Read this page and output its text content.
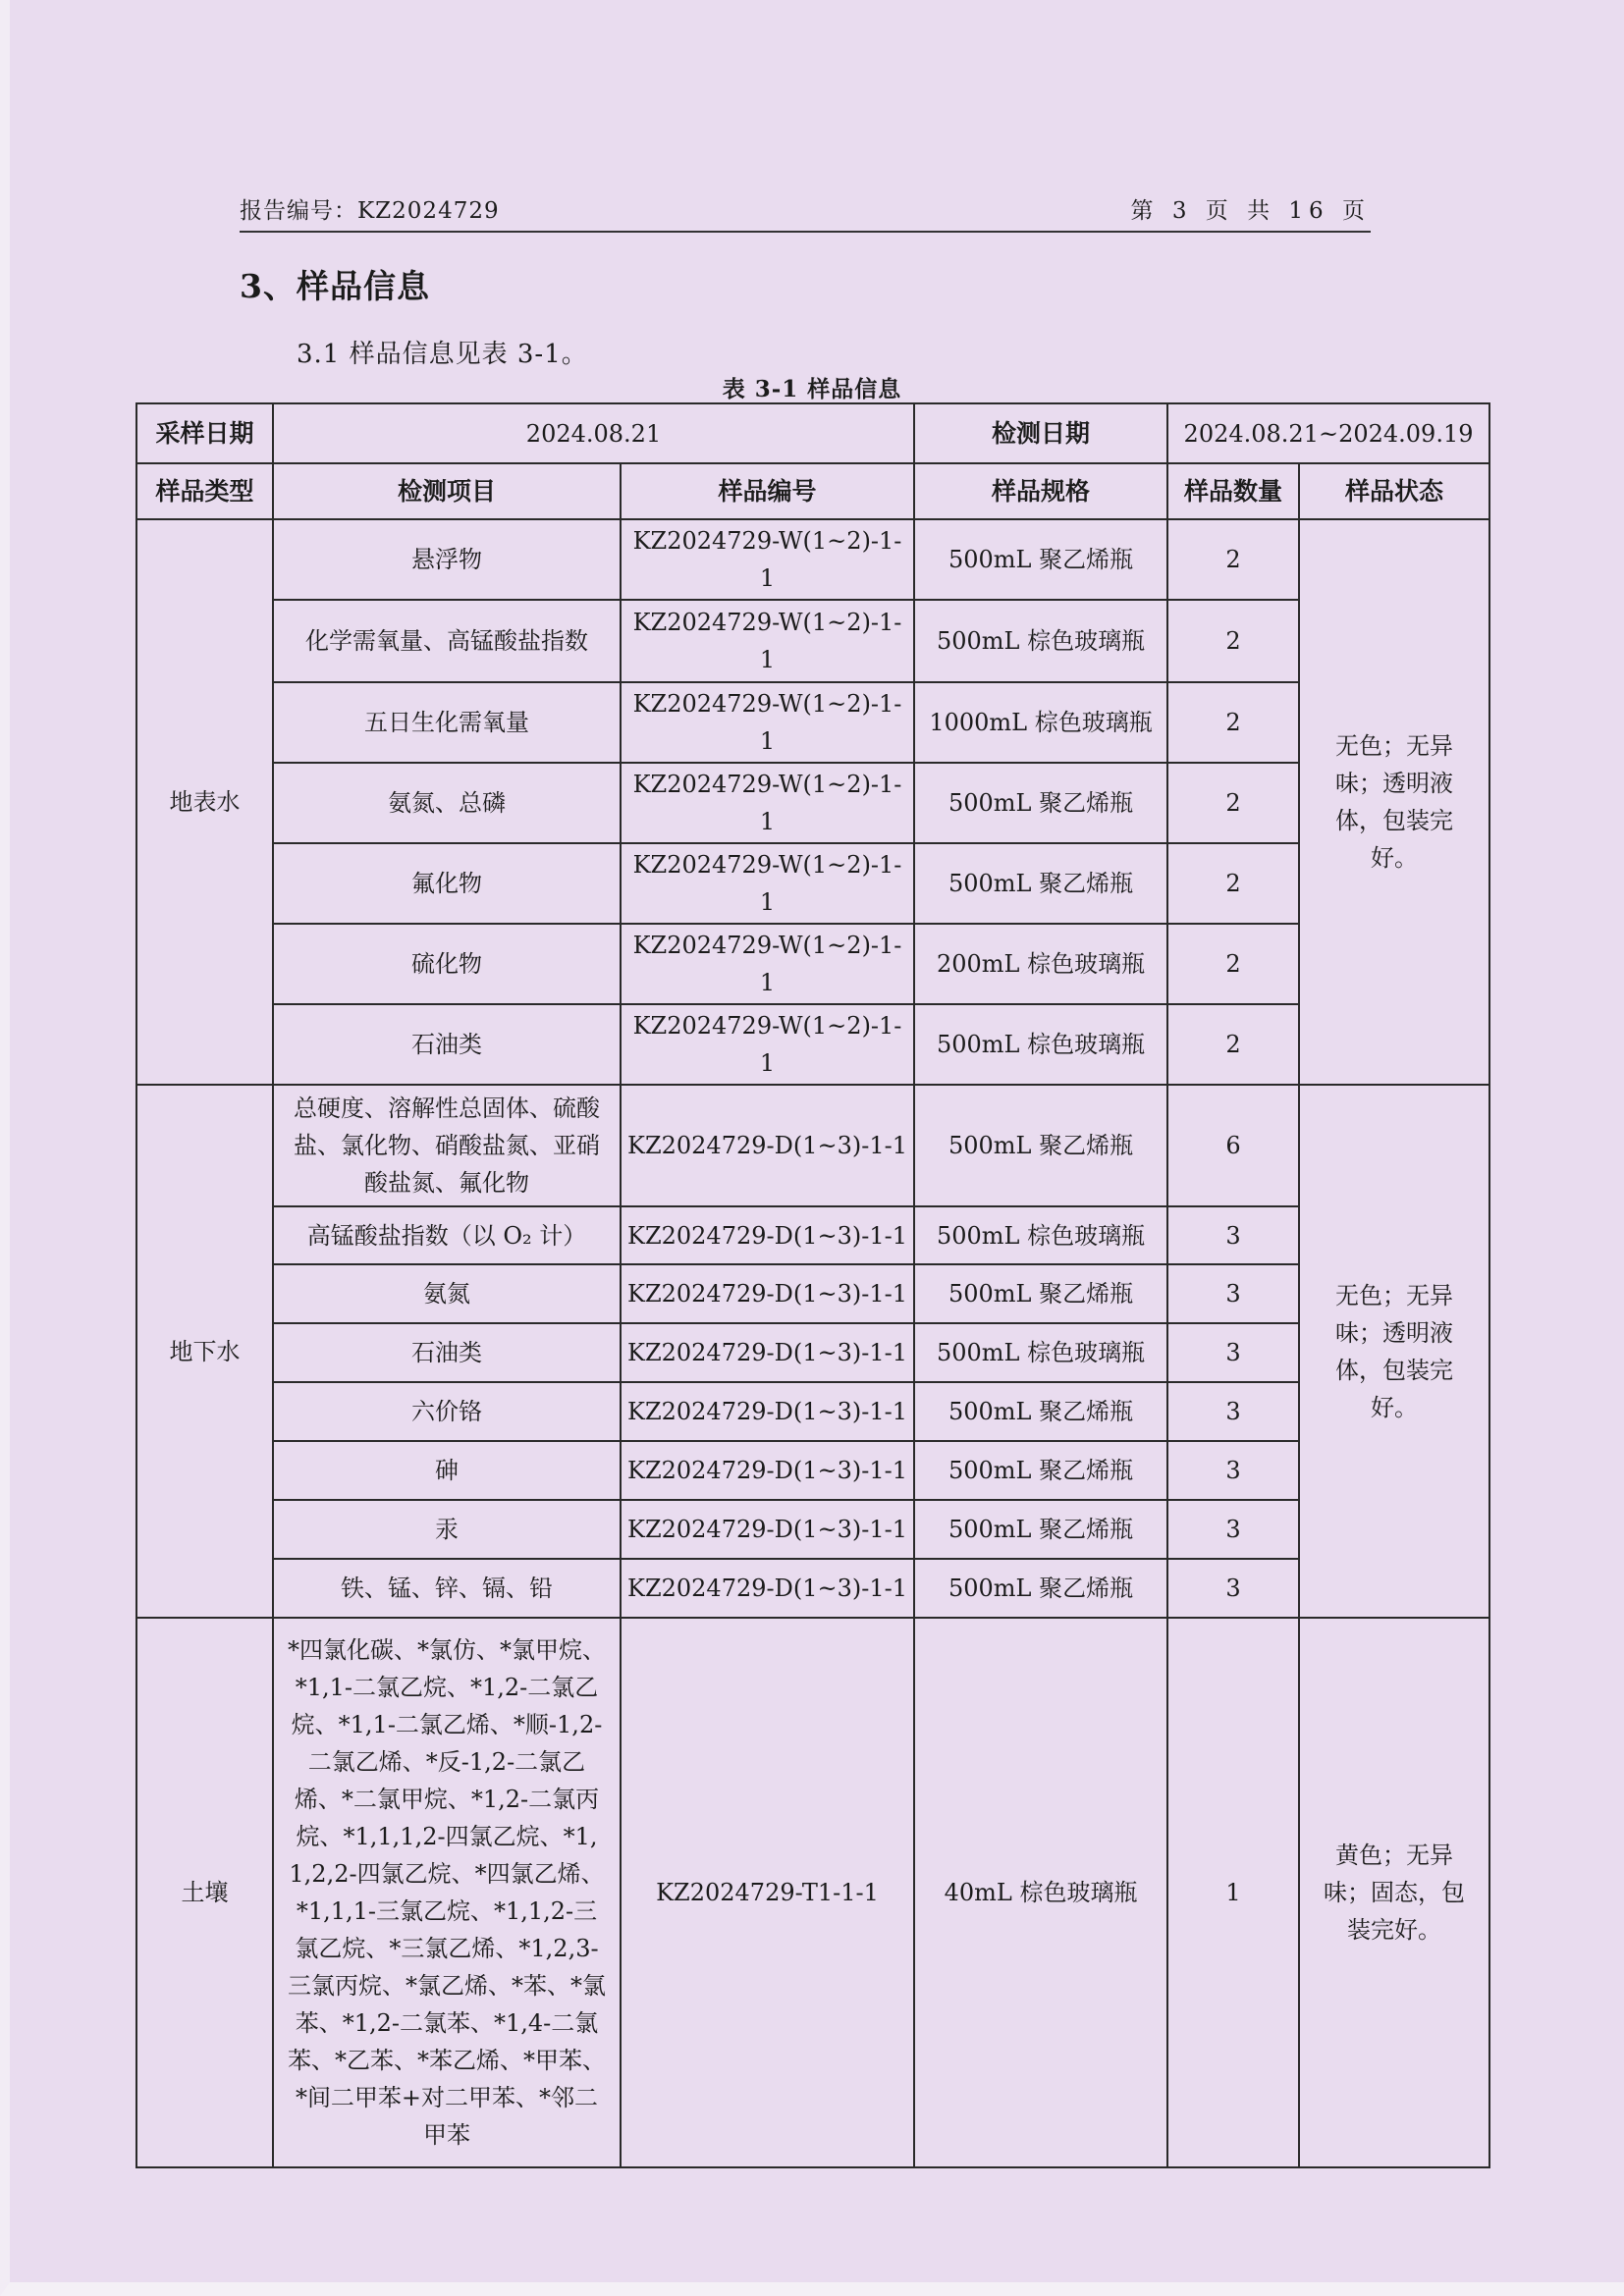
报告编号：KZ2024729	第 3 页 共 16 页
3、样品信息
3.1 样品信息见表 3-1。
表 3-1 样品信息
采样日期	2024.08.21		检测日期	2024.08.21~2024.09.19	
样品类型	检测项目	样品编号	样品规格	样品数量	样品状态
地表水	悬浮物	KZ2024729-W(1~2)-1-1	500mL 聚乙烯瓶	2	无色；无异味；透明液体，包装完好。
	化学需氧量、高锰酸盐指数	KZ2024729-W(1~2)-1-1	500mL 棕色玻璃瓶	2	
	五日生化需氧量	KZ2024729-W(1~2)-1-1	1000mL 棕色玻璃瓶	2	
	氨氮、总磷	KZ2024729-W(1~2)-1-1	500mL 聚乙烯瓶	2	
	氟化物	KZ2024729-W(1~2)-1-1	500mL 聚乙烯瓶	2	
	硫化物	KZ2024729-W(1~2)-1-1	200mL 棕色玻璃瓶	2	
	石油类	KZ2024729-W(1~2)-1-1	500mL 棕色玻璃瓶	2	
地下水	总硬度、溶解性总固体、硫酸盐、氯化物、硝酸盐氮、亚硝酸盐氮、氟化物	KZ2024729-D(1~3)-1-1	500mL 聚乙烯瓶	6	无色；无异味；透明液体，包装完好。
	高锰酸盐指数（以 O₂ 计）	KZ2024729-D(1~3)-1-1	500mL 棕色玻璃瓶	3	
	氨氮	KZ2024729-D(1~3)-1-1	500mL 聚乙烯瓶	3	
	石油类	KZ2024729-D(1~3)-1-1	500mL 棕色玻璃瓶	3	
	六价铬	KZ2024729-D(1~3)-1-1	500mL 聚乙烯瓶	3	
	砷	KZ2024729-D(1~3)-1-1	500mL 聚乙烯瓶	3	
	汞	KZ2024729-D(1~3)-1-1	500mL 聚乙烯瓶	3	
	铁、锰、锌、镉、铅	KZ2024729-D(1~3)-1-1	500mL 聚乙烯瓶	3	
土壤	*四氯化碳、*氯仿、*氯甲烷、*1,1-二氯乙烷、*1,2-二氯乙烷、*1,1-二氯乙烯、*顺-1,2-二氯乙烯、*反-1,2-二氯乙烯、*二氯甲烷、*1,2-二氯丙烷、*1,1,1,2-四氯乙烷、*1,1,2,2-四氯乙烷、*四氯乙烯、*1,1,1-三氯乙烷、*1,1,2-三氯乙烷、*三氯乙烯、*1,2,3-三氯丙烷、*氯乙烯、*苯、*氯苯、*1,2-二氯苯、*1,4-二氯苯、*乙苯、*苯乙烯、*甲苯、*间二甲苯+对二甲苯、*邻二甲苯	KZ2024729-T1-1-1	40mL 棕色玻璃瓶	1	黄色；无异味；固态，包装完好。
